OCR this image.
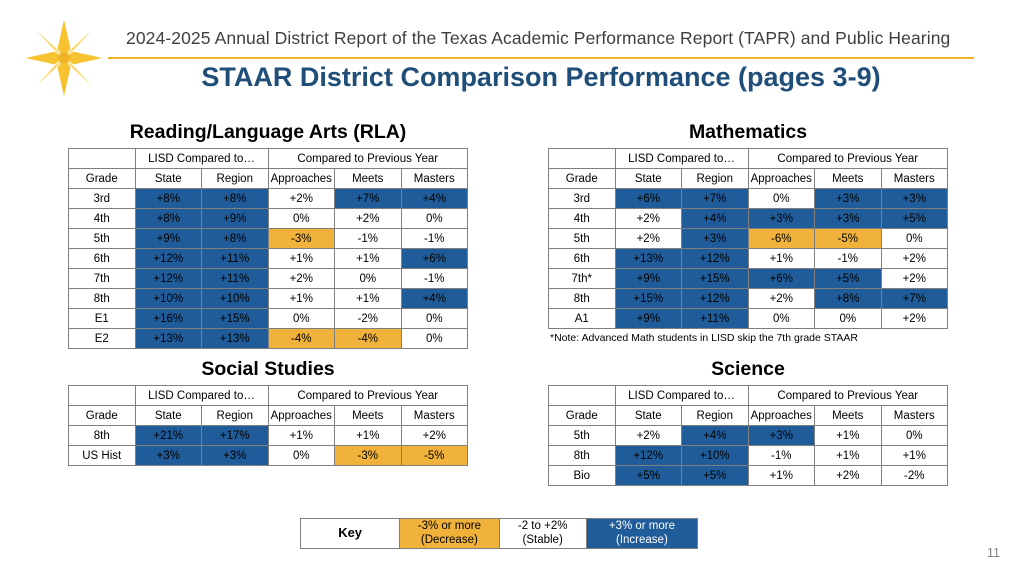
2024-2025 Annual District Report of the Texas Academic Performance Report (TAPR) and Public Hearing
STAAR District Comparison Performance (pages 3-9)
Reading/Language Arts (RLA)
	LISD Compared to…		Compared to Previous Year		
Grade	State	Region	Approaches	Meets	Masters
3rd	+8%	+8%	+2%	+7%	+4%
4th	+8%	+9%	0%	+2%	0%
5th	+9%	+8%	-3%	-1%	-1%
6th	+12%	+11%	+1%	+1%	+6%
7th	+12%	+11%	+2%	0%	-1%
8th	+10%	+10%	+1%	+1%	+4%
E1	+16%	+15%	0%	-2%	0%
E2	+13%	+13%	-4%	-4%	0%
Mathematics
	LISD Compared to…		Compared to Previous Year		
Grade	State	Region	Approaches	Meets	Masters
3rd	+6%	+7%	0%	+3%	+3%
4th	+2%	+4%	+3%	+3%	+5%
5th	+2%	+3%	-6%	-5%	0%
6th	+13%	+12%	+1%	-1%	+2%
7th*	+9%	+15%	+6%	+5%	+2%
8th	+15%	+12%	+2%	+8%	+7%
A1	+9%	+11%	0%	0%	+2%
*Note: Advanced Math students in LISD skip the 7th grade STAAR
Social Studies
	LISD Compared to…		Compared to Previous Year		
Grade	State	Region	Approaches	Meets	Masters
8th	+21%	+17%	+1%	+1%	+2%
US Hist	+3%	+3%	0%	-3%	-5%
Science
	LISD Compared to…		Compared to Previous Year		
Grade	State	Region	Approaches	Meets	Masters
5th	+2%	+4%	+3%	+1%	0%
8th	+12%	+10%	-1%	+1%	+1%
Bio	+5%	+5%	+1%	+2%	-2%
Key	-3% or more
(Decrease)

-2 to +2%
(Stable)

+3% or more
(Increase)
11
